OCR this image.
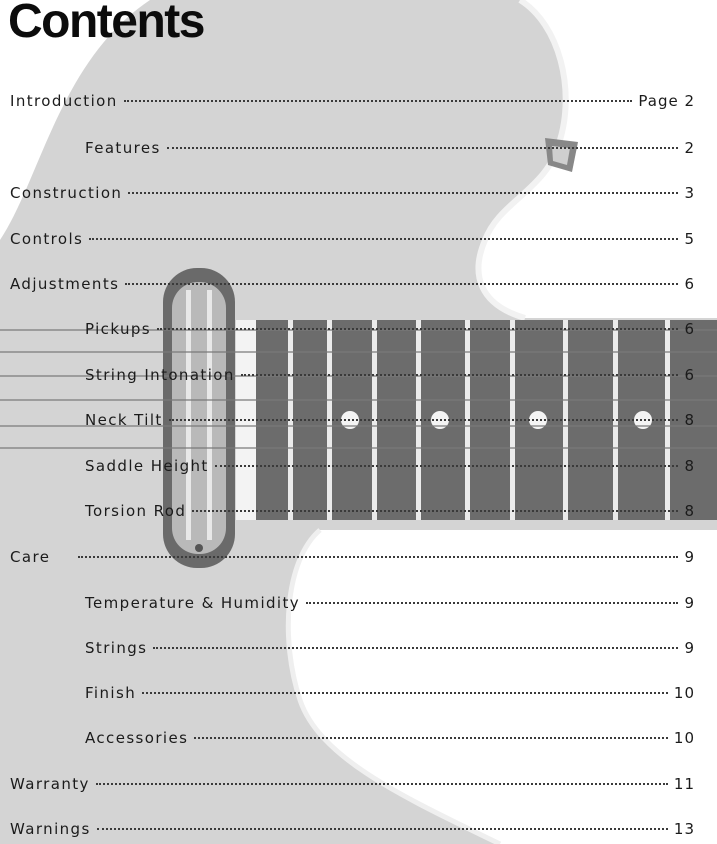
Contents
Introduction	Page 2
Features	2
Construction	3
Controls	5
Adjustments	6
Pickups	6
String Intonation	6
Neck Tilt	8
Saddle Height	8
Torsion Rod	8
Care	9
Temperature & Humidity	9
Strings	9
Finish	10
Accessories	10
Warranty	11
Warnings	13
